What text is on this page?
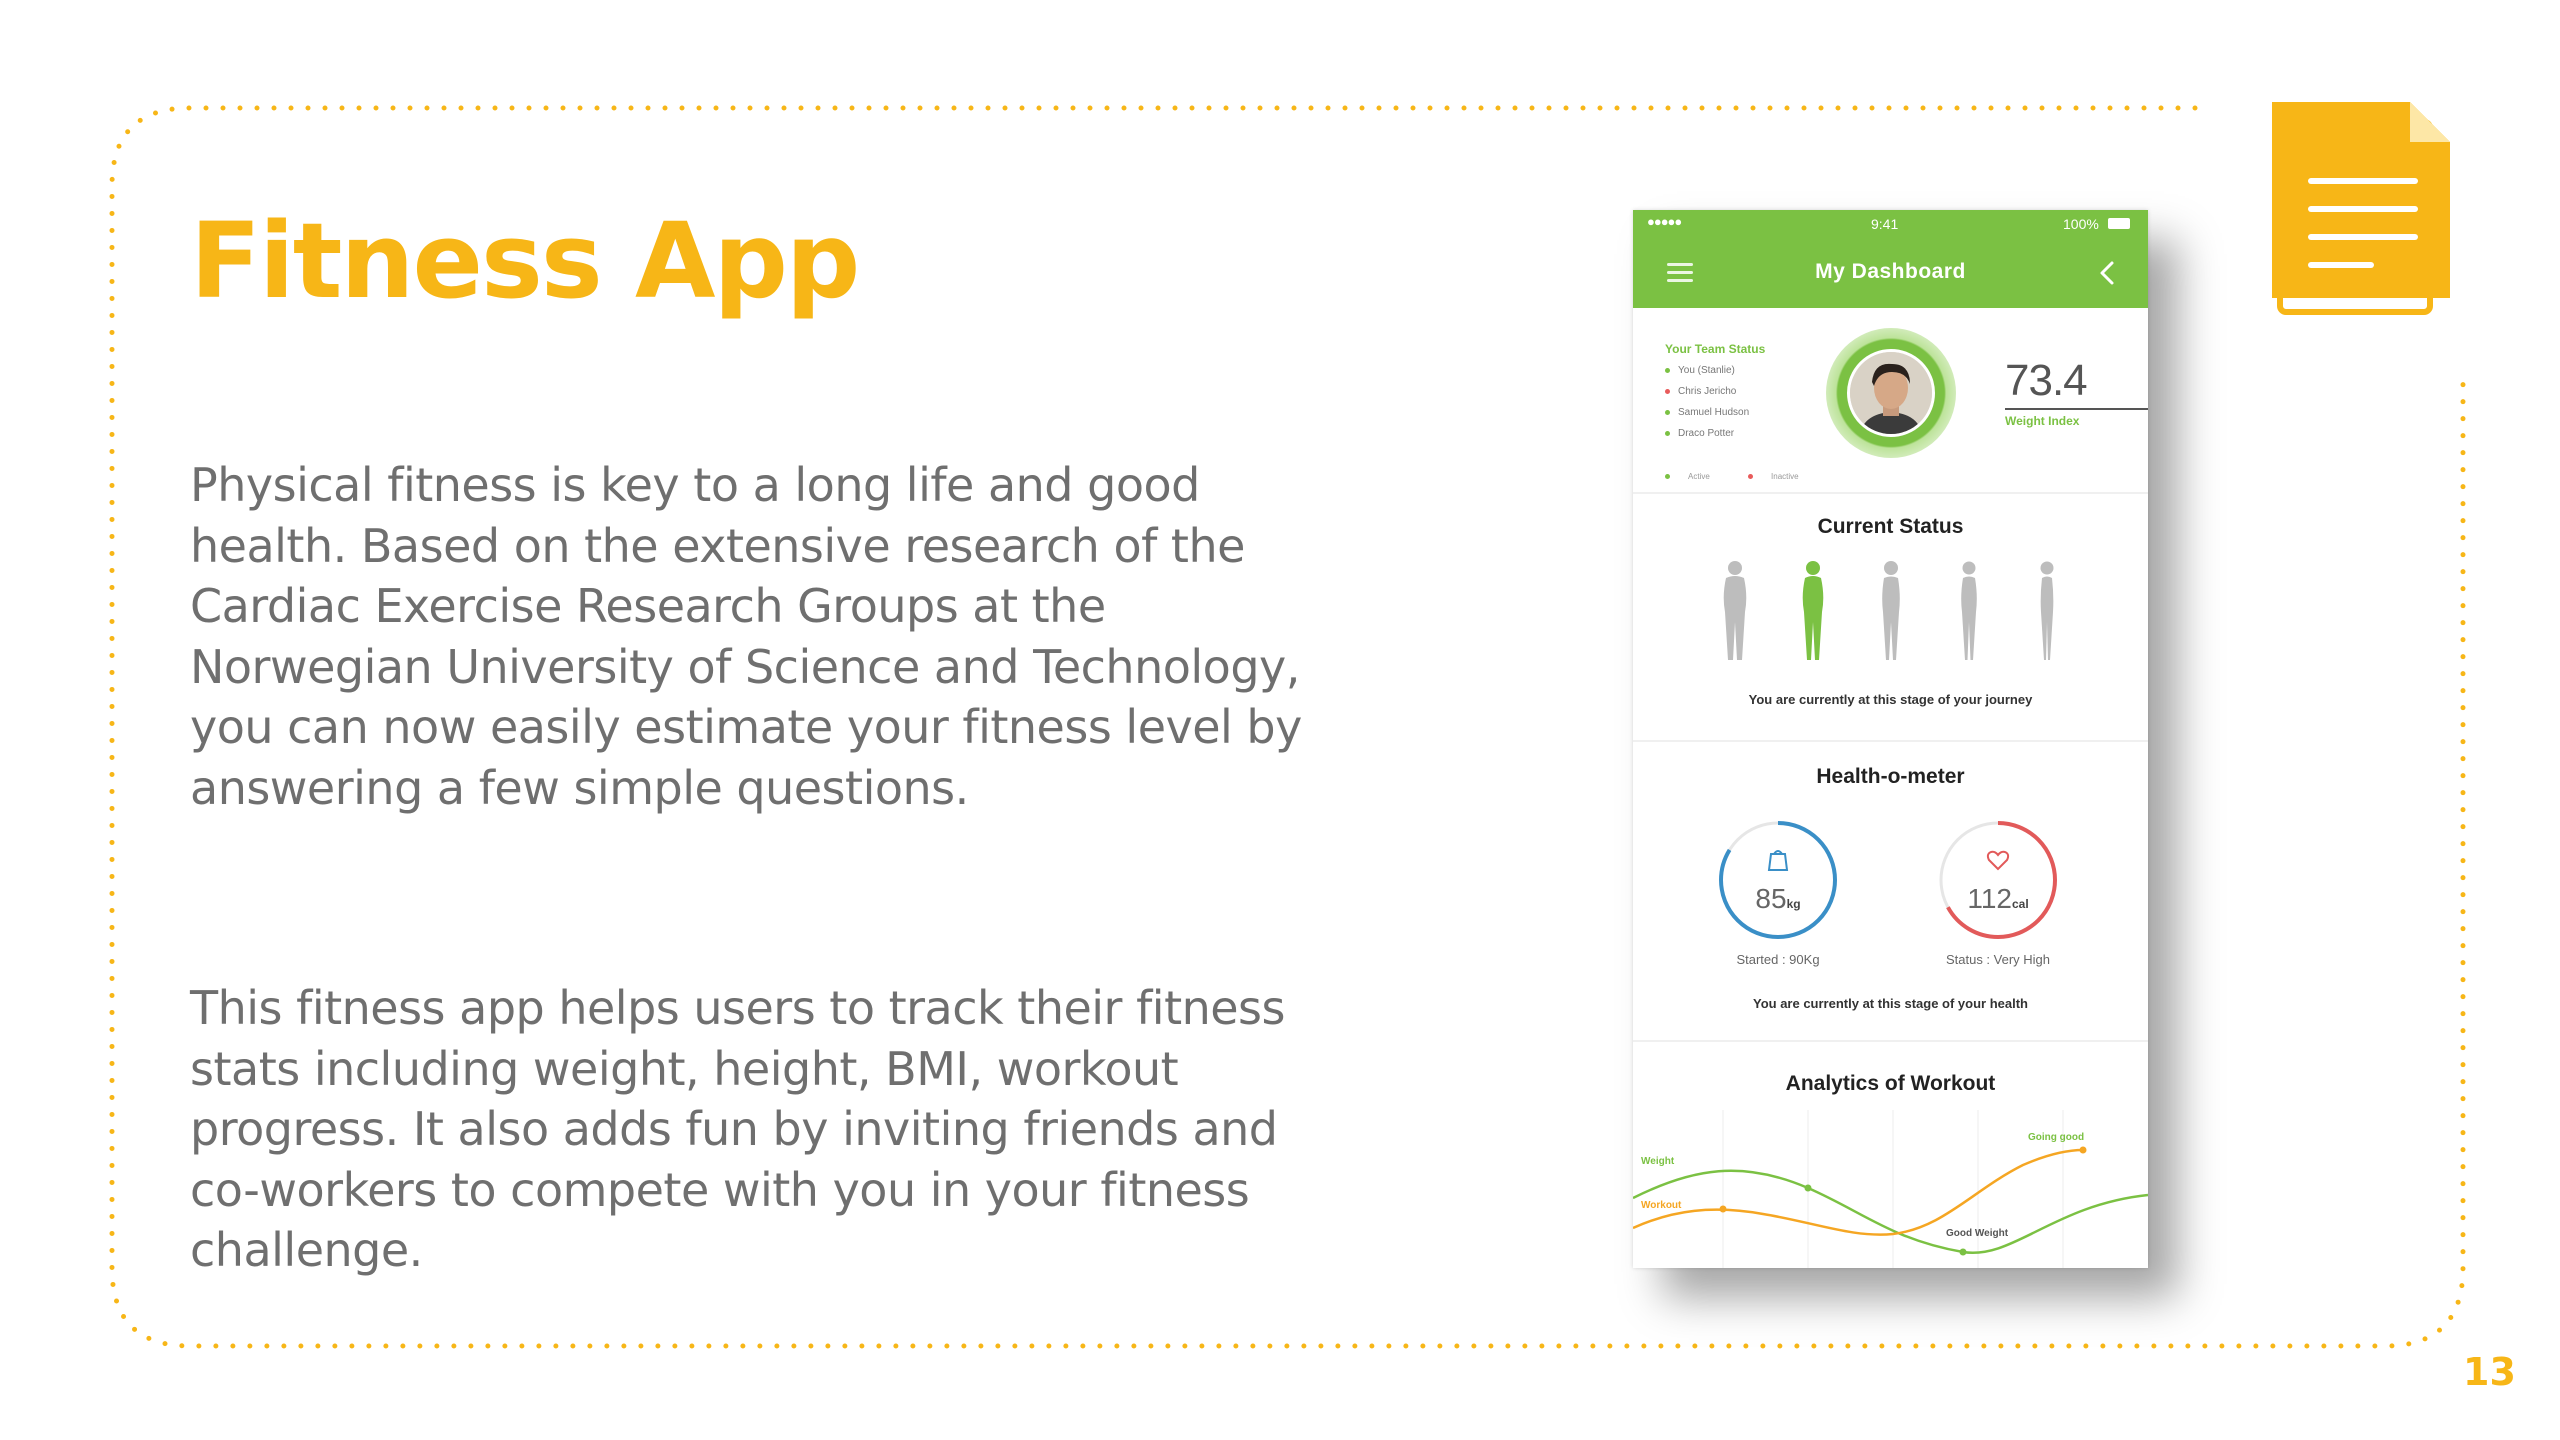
Fitness App

Physical fitness is key to a long life and good health. Based on the extensive research of the Cardiac Exercise Research Groups at the Norwegian University of Science and Technology, you can now easily estimate your fitness level by answering a few simple questions.

This fitness app helps users to track their fitness stats including weight, height, BMI, workout progress. It also adds fun by inviting friends and co-workers to compete with you in your fitness challenge.

13
●●●●●	9:41	100%
My Dashboard
Your Team Status
You (Stanlie)
Chris Jericho
Samuel Hudson
Draco Potter
Active	Inactive
73.4
Weight Index
Current Status
You are currently at this stage of your journey
Health-o-meter
85kg
Started : 90Kg
112cal
Status : Very High
You are currently at this stage of your health
Analytics of Workout
Weight
Workout
Going good
Good Weight
